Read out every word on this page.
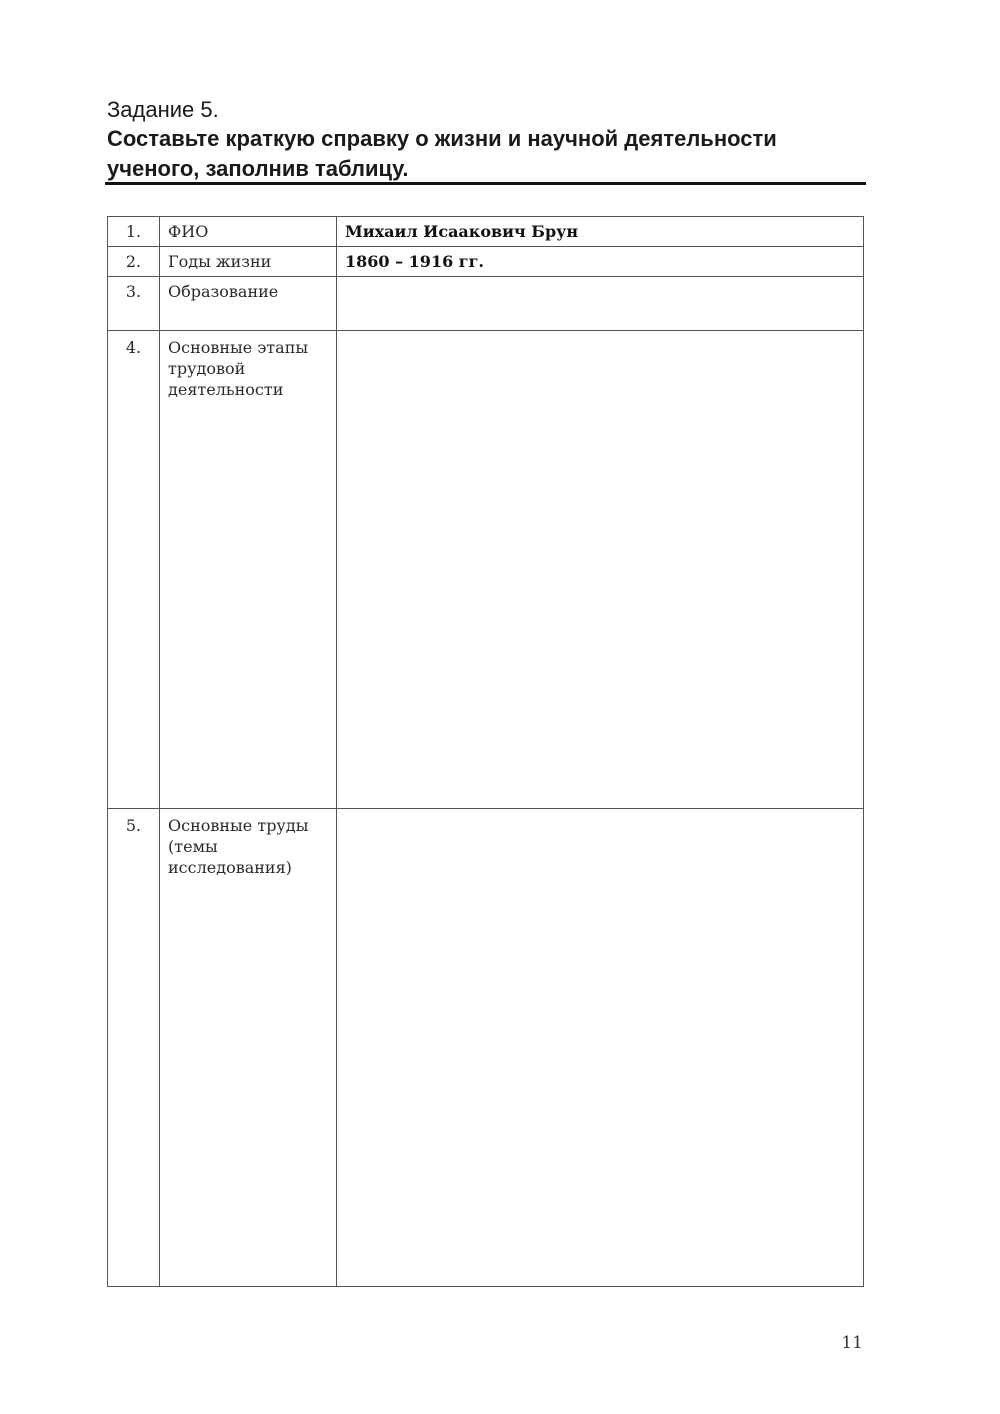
Задание 5.
Составьте краткую справку о жизни и научной деятельности ученого, заполнив таблицу.
1.	ФИО	Михаил Исаакович Брун
2.	Годы жизни	1860 – 1916 гг.
3.	Образование	
4.	Основные этапы трудовой деятельности	
5.	Основные труды (темы исследования)	
11
